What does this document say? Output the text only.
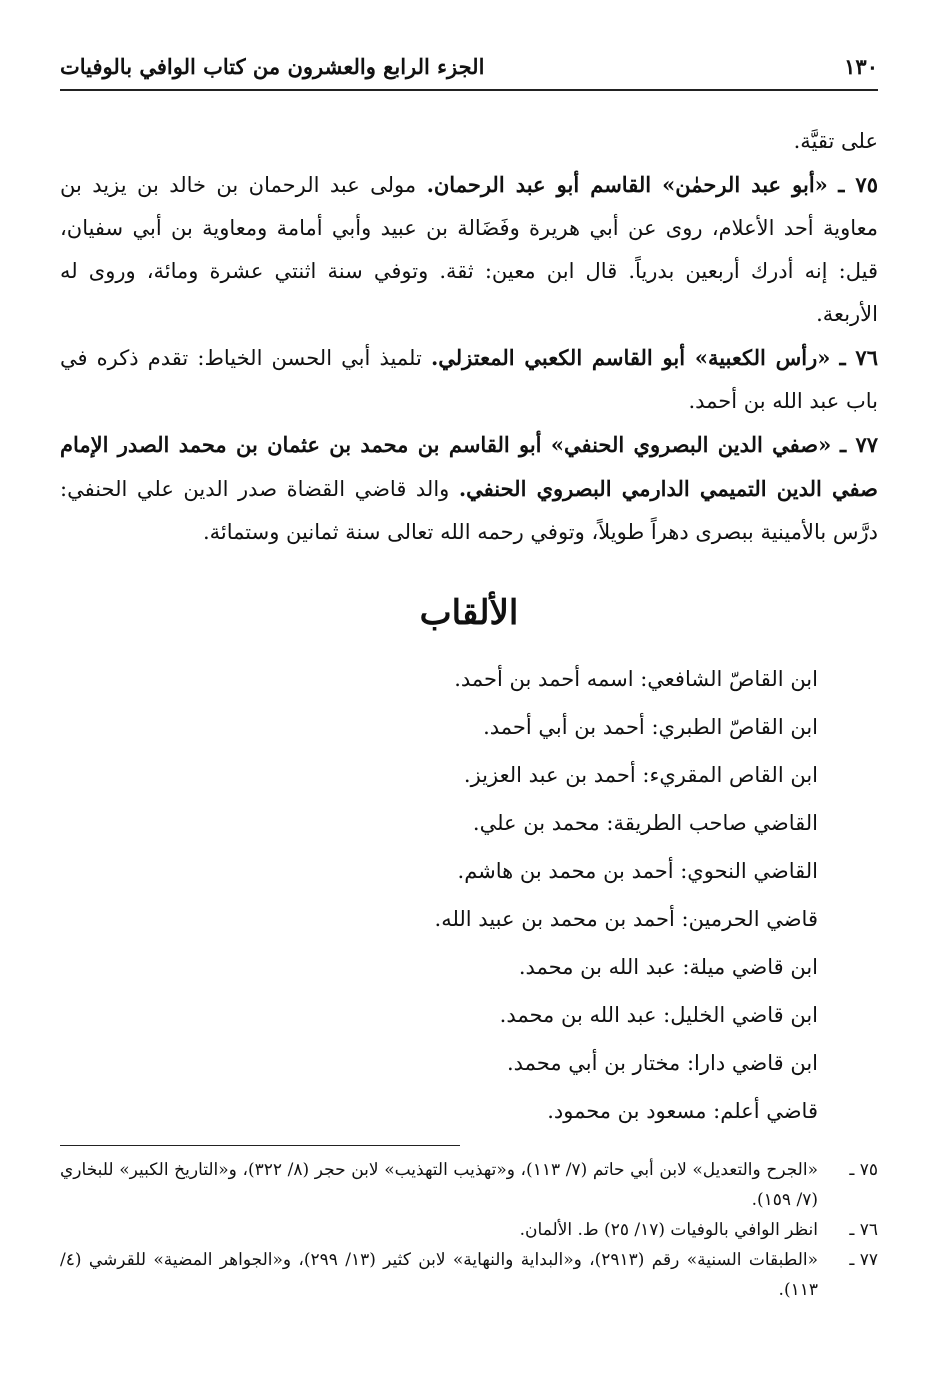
١٣٠
الجزء الرابع والعشرون من كتاب الوافي بالوفيات

على تقيَّة.

٧٥ ـ «أبو عبد الرحمٰن» القاسم أبو عبد الرحمان. مولى عبد الرحمان بن خالد بن يزيد بن معاوية أحد الأعلام، روى عن أبي هريرة وفَضَالة بن عبيد وأبي أمامة ومعاوية بن أبي سفيان، قيل: إنه أدرك أربعين بدرياً. قال ابن معين: ثقة. وتوفي سنة اثنتي عشرة ومائة، وروى له الأربعة.

٧٦ ـ «رأس الكعبية» أبو القاسم الكعبي المعتزلي. تلميذ أبي الحسن الخياط: تقدم ذكره في باب عبد الله بن أحمد.

٧٧ ـ «صفي الدين البصروي الحنفي» أبو القاسم بن محمد بن عثمان بن محمد الصدر الإمام صفي الدين التميمي الدارمي البصروي الحنفي. والد قاضي القضاة صدر الدين علي الحنفي: درَّس بالأمينية ببصرى دهراً طويلاً، وتوفي رحمه الله تعالى سنة ثمانين وستمائة.

الألقاب
ابن القاصّ الشافعي: اسمه أحمد بن أحمد.
ابن القاصّ الطبري: أحمد بن أبي أحمد.
ابن القاص المقريء: أحمد بن عبد العزيز.
القاضي صاحب الطريقة: محمد بن علي.
القاضي النحوي: أحمد بن محمد بن هاشم.
قاضي الحرمين: أحمد بن محمد بن عبيد الله.
ابن قاضي ميلة: عبد الله بن محمد.
ابن قاضي الخليل: عبد الله بن محمد.
ابن قاضي دارا: مختار بن أبي محمد.
قاضي أعلم: مسعود بن محمود.
٧٥ ـ
«الجرح والتعديل» لابن أبي حاتم (٧/ ١١٣)، و«تهذيب التهذيب» لابن حجر (٨/ ٣٢٢)، و«التاريخ الكبير» للبخاري (٧/ ١٥٩).
٧٦ ـ
انظر الوافي بالوفيات (١٧/ ٢٥) ط. الألمان.
٧٧ ـ
«الطبقات السنية» رقم (٢٩١٣)، و«البداية والنهاية» لابن كثير (١٣/ ٢٩٩)، و«الجواهر المضية» للقرشي (٤/ ١١٣).
